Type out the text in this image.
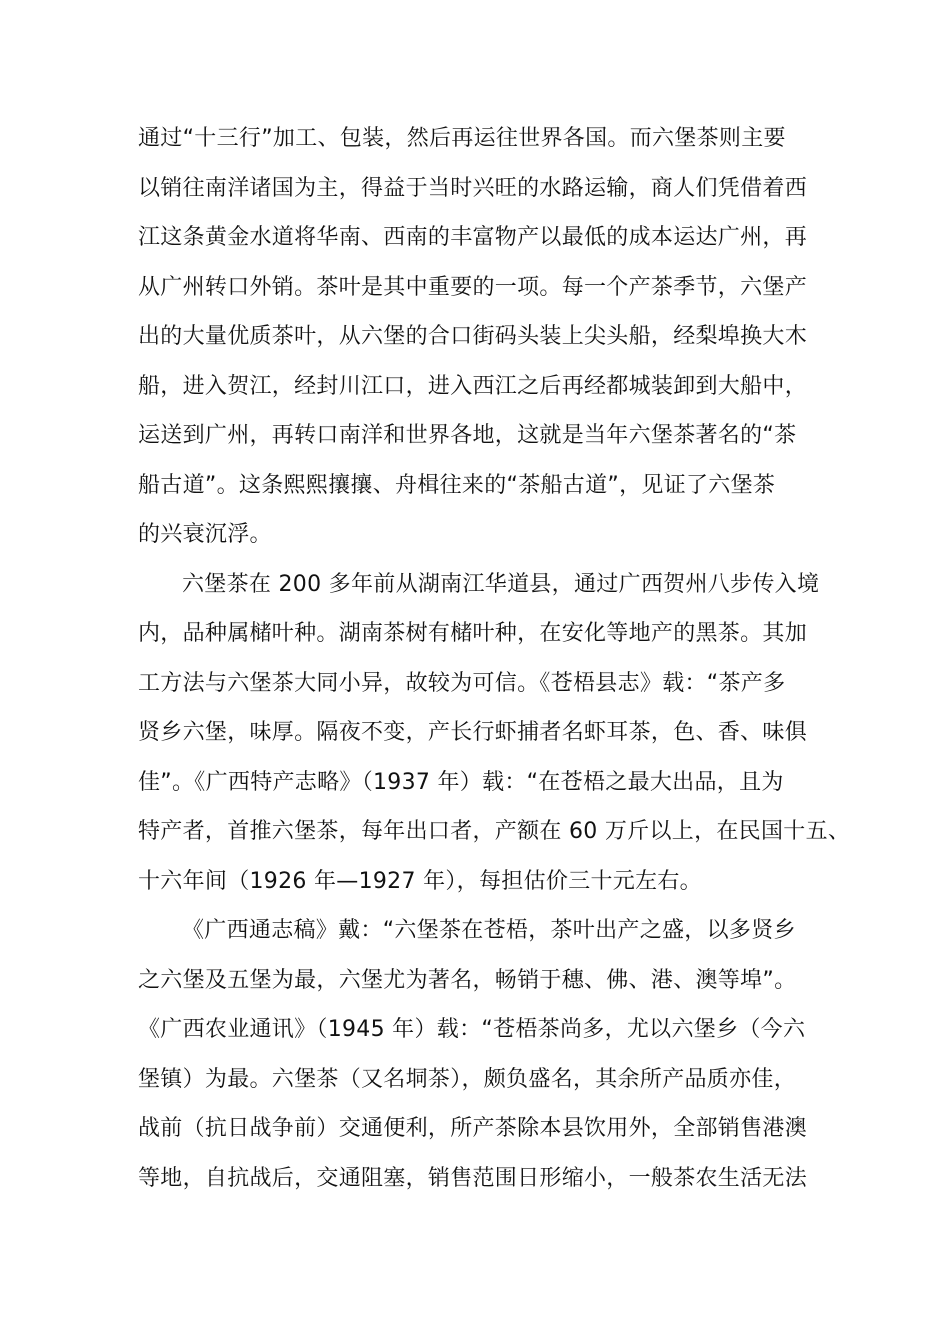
通过“十三行”加工、包装，然后再运往世界各国。而六堡茶则主要
以销往南洋诸国为主，得益于当时兴旺的水路运输，商人们凭借着西
江这条黄金水道将华南、西南的丰富物产以最低的成本运达广州，再
从广州转口外销。茶叶是其中重要的一项。每一个产茶季节，六堡产
出的大量优质茶叶，从六堡的合口街码头装上尖头船，经梨埠换大木
船，进入贺江，经封川江口，进入西江之后再经都城装卸到大船中，
运送到广州，再转口南洋和世界各地，这就是当年六堡茶著名的“茶
船古道”。这条熙熙攘攘、舟楫往来的“茶船古道”，见证了六堡茶
的兴衰沉浮。
六堡茶在 200 多年前从湖南江华道县，通过广西贺州八步传入境
内，品种属槠叶种。湖南茶树有槠叶种，在安化等地产的黑茶。其加
工方法与六堡茶大同小异，故较为可信。《苍梧县志》载：“茶产多
贤乡六堡，味厚。隔夜不变，产长行虾捕者名虾耳茶，色、香、味俱
佳”。《广西特产志略》（1937 年）载：“在苍梧之最大出品，且为
特产者，首推六堡茶，每年出口者，产额在 60 万斤以上，在民国十五、
十六年间（1926 年—1927 年），每担估价三十元左右。
《广西通志稿》戴：“六堡茶在苍梧，茶叶出产之盛，以多贤乡
之六堡及五堡为最，六堡尤为著名，畅销于穗、佛、港、澳等埠”。
《广西农业通讯》（1945 年）载：“苍梧茶尚多，尤以六堡乡（今六
堡镇）为最。六堡茶（又名垌茶），颇负盛名，其余所产品质亦佳，
战前（抗日战争前）交通便利，所产茶除本县饮用外，全部销售港澳
等地，自抗战后，交通阻塞，销售范围日形缩小，一般茶农生活无法
